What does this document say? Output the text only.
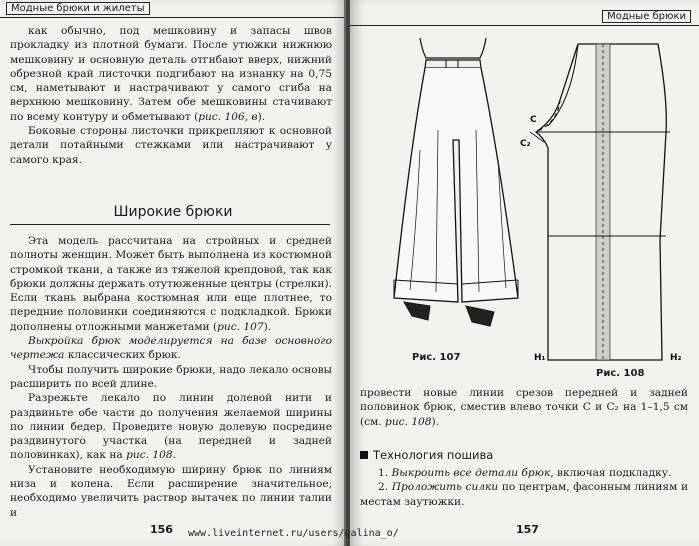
Модные брюки и жилеты

как обычно, под мешковину и запасы швов прокладку из плотной бумаги. После утюжки нижнюю мешковину и основную деталь отгибают вверх, нижний обрезной край листочки подгибают на изнанку на 0,75 см, наметывают и настрачивают у самого сгиба на верхнюю мешковину. Затем обе мешковины стачивают по всему контуру и обметывают (рис. 106, в).

Боковые стороны листочки прикрепляют к основной детали потайными стежками или настрачивают у самого края.

Широкие брюки

Эта модель рассчитана на стройных и средней полноты женщин. Может быть выполнена из костюмной стромкой ткани, а также из тяжелой крепдовой, так как брюки должны держать отутюженные центры (стрелки). Если ткань выбрана костюмная или еще плотнее, то передние половинки соединяются с подкладкой. Брюки дополнены отложными манжетами (рис. 107).

Выкройка брюк моделируется на базе основного чертежа классических брюк.

Чтобы получить широкие брюки, надо лекало основы расширить по всей длине.

Разрежьте лекало по линии долевой нити и раздвиньте обе части до получения желаемой ширины по линии бедер. Проведите новую долевую посредине раздвинутого участка (на передней и задней половинках), как на рис. 108.

Установите необходимую ширину брюк по линиям низа и колена. Если расширение значительное, необходимо увеличить раствор вытачек по линии талии и

156
Модные брюки
Рис. 107
C
C₂
H₁	H₂
Рис. 108

провести новые линии срезов передней и задней половинок брюк, сместив влево точки С и С₂ на 1–1,5 см (см. рис. 108).

Технология пошива

1. Выкроить все детали брюк, включая подкладку.

2. Проложить силки по центрам, фасонным линиям и местам заутюжки.

157
www.liveinternet.ru/users/galina_o/
